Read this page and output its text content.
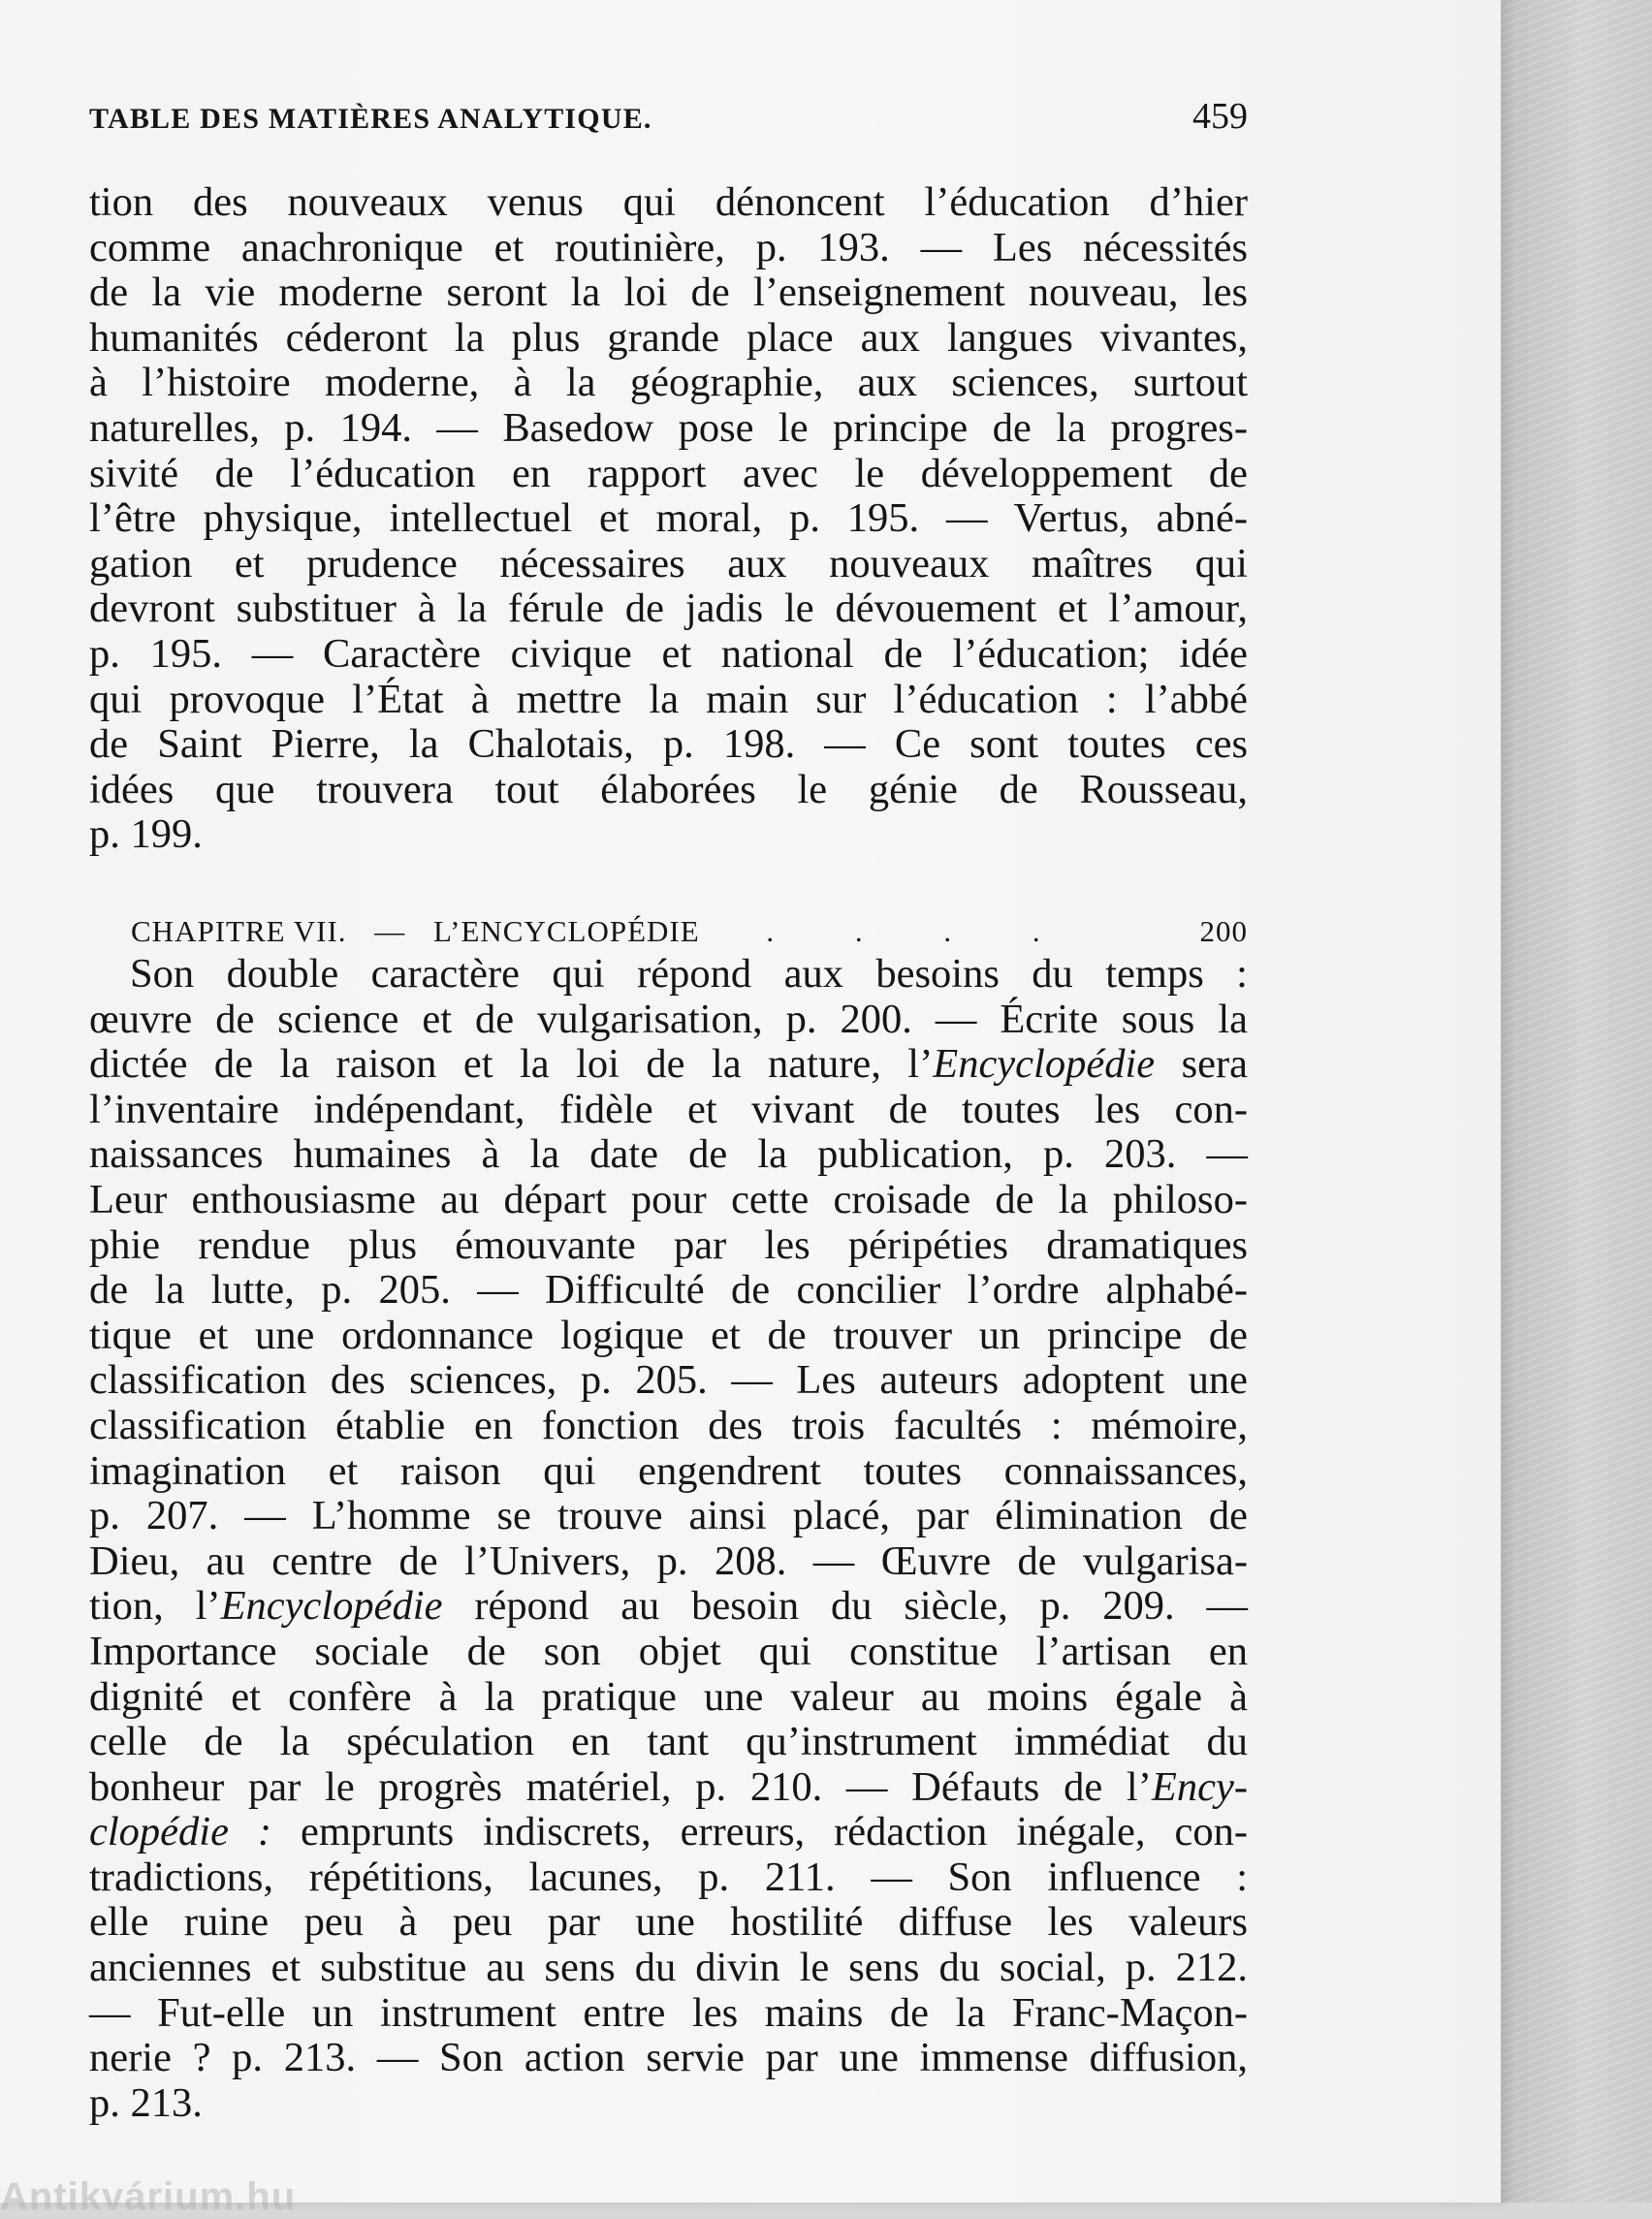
TABLE DES MATIÈRES ANALYTIQUE.	459
tion des nouveaux venus qui dénoncent l’éducation d’hier
comme anachronique et routinière, p. 193. — Les nécessités
de la vie moderne seront la loi de l’enseignement nouveau, les
humanités céderont la plus grande place aux langues vivantes,
à l’histoire moderne, à la géographie, aux sciences, surtout
naturelles, p. 194. — Basedow pose le principe de la progres-
sivité de l’éducation en rapport avec le développement de
l’être physique, intellectuel et moral, p. 195. — Vertus, abné-
gation et prudence nécessaires aux nouveaux maîtres qui
devront substituer à la férule de jadis le dévouement et l’amour,
p. 195. — Caractère civique et national de l’éducation; idée
qui provoque l’État à mettre la main sur l’éducation : l’abbé
de Saint Pierre, la Chalotais, p. 198. — Ce sont toutes ces
idées que trouvera tout élaborées le génie de Rousseau,
p. 199.
CHAPITRE VII. — L’ENCYCLOPÉDIE . . . .	200
Son double caractère qui répond aux besoins du temps :
œuvre de science et de vulgarisation, p. 200. — Écrite sous la
dictée de la raison et la loi de la nature, l’Encyclopédie sera
l’inventaire indépendant, fidèle et vivant de toutes les con-
naissances humaines à la date de la publication, p. 203. —
Leur enthousiasme au départ pour cette croisade de la philoso-
phie rendue plus émouvante par les péripéties dramatiques
de la lutte, p. 205. — Difficulté de concilier l’ordre alphabé-
tique et une ordonnance logique et de trouver un principe de
classification des sciences, p. 205. — Les auteurs adoptent une
classification établie en fonction des trois facultés : mémoire,
imagination et raison qui engendrent toutes connaissances,
p. 207. — L’homme se trouve ainsi placé, par élimination de
Dieu, au centre de l’Univers, p. 208. — Œuvre de vulgarisa-
tion, l’Encyclopédie répond au besoin du siècle, p. 209. —
Importance sociale de son objet qui constitue l’artisan en
dignité et confère à la pratique une valeur au moins égale à
celle de la spéculation en tant qu’instrument immédiat du
bonheur par le progrès matériel, p. 210. — Défauts de l’Ency-
clopédie : emprunts indiscrets, erreurs, rédaction inégale, con-
tradictions, répétitions, lacunes, p. 211. — Son influence :
elle ruine peu à peu par une hostilité diffuse les valeurs
anciennes et substitue au sens du divin le sens du social, p. 212.
— Fut-elle un instrument entre les mains de la Franc-Maçon-
nerie ? p. 213. — Son action servie par une immense diffusion,
p. 213.
Antikvárium.hu
